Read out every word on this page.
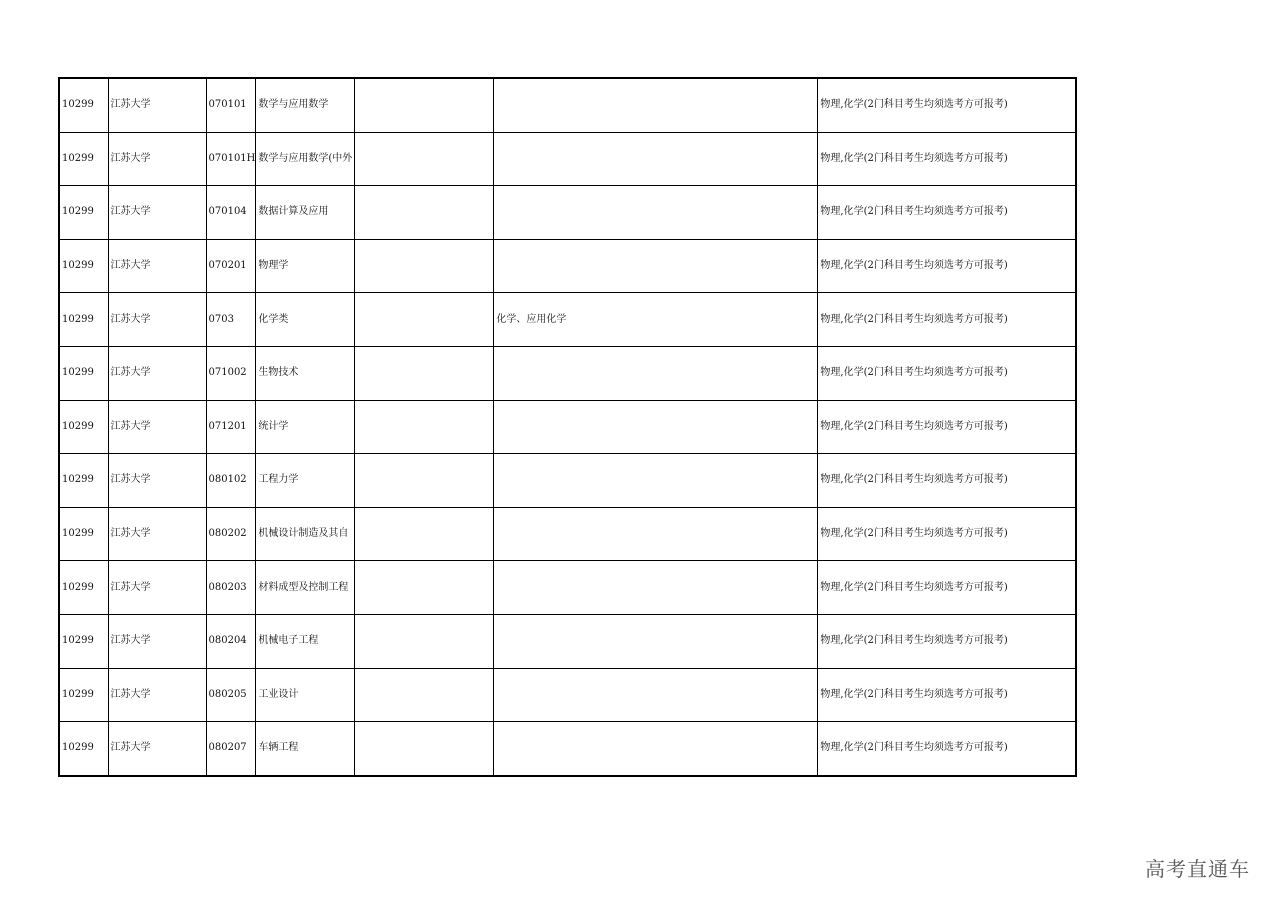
10299	江苏大学	070101	数学与应用数学			物理,化学(2门科目考生均须选考方可报考)
10299	江苏大学	070101H	数学与应用数学(中外			物理,化学(2门科目考生均须选考方可报考)
10299	江苏大学	070104	数据计算及应用			物理,化学(2门科目考生均须选考方可报考)
10299	江苏大学	070201	物理学			物理,化学(2门科目考生均须选考方可报考)
10299	江苏大学	0703	化学类		化学、应用化学	物理,化学(2门科目考生均须选考方可报考)
10299	江苏大学	071002	生物技术			物理,化学(2门科目考生均须选考方可报考)
10299	江苏大学	071201	统计学			物理,化学(2门科目考生均须选考方可报考)
10299	江苏大学	080102	工程力学			物理,化学(2门科目考生均须选考方可报考)
10299	江苏大学	080202	机械设计制造及其自			物理,化学(2门科目考生均须选考方可报考)
10299	江苏大学	080203	材料成型及控制工程			物理,化学(2门科目考生均须选考方可报考)
10299	江苏大学	080204	机械电子工程			物理,化学(2门科目考生均须选考方可报考)
10299	江苏大学	080205	工业设计			物理,化学(2门科目考生均须选考方可报考)
10299	江苏大学	080207	车辆工程			物理,化学(2门科目考生均须选考方可报考)
高考直通车
